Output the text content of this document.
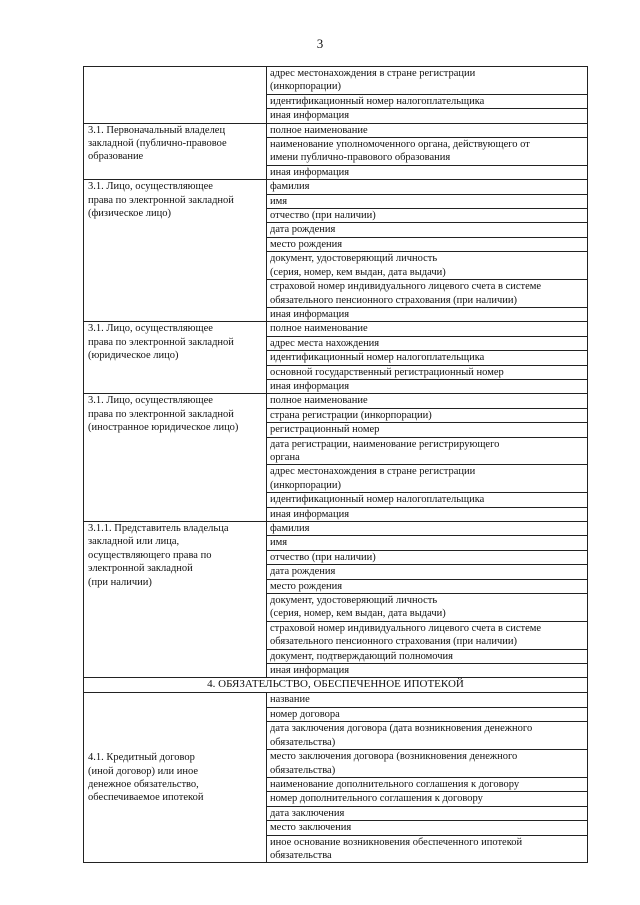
3
	адрес местонахождения в стране регистрации
(инкорпорации)
	идентификационный номер налогоплательщика
	иная информация
3.1. Первоначальный владелец
закладной (публично-правовое
образование	полное наименование
	наименование уполномоченного органа, действующего от
имени публично-правового образования
	иная информация
3.1. Лицо, осуществляющее
права по электронной закладной
(физическое лицо)	фамилия
	имя
	отчество (при наличии)
	дата рождения
	место рождения
	документ, удостоверяющий личность
(серия, номер, кем выдан, дата выдачи)
	страховой номер индивидуального лицевого счета в системе
обязательного пенсионного страхования (при наличии)
	иная информация
3.1. Лицо, осуществляющее
права по электронной закладной
(юридическое лицо)	полное наименование
	адрес места нахождения
	идентификационный номер налогоплательщика
	основной государственный регистрационный номер
	иная информация
3.1. Лицо, осуществляющее
права по электронной закладной
(иностранное юридическое лицо)	полное наименование
	страна регистрации (инкорпорации)
	регистрационный номер
	дата регистрации, наименование регистрирующего
органа
	адрес местонахождения в стране регистрации
(инкорпорации)
	идентификационный номер налогоплательщика
	иная информация
3.1.1. Представитель владельца
закладной или лица,
осуществляющего права по
электронной закладной
(при наличии)	фамилия
	имя
	отчество (при наличии)
	дата рождения
	место рождения
	документ, удостоверяющий личность
(серия, номер, кем выдан, дата выдачи)
	страховой номер индивидуального лицевого счета в системе
обязательного пенсионного страхования (при наличии)
	документ, подтверждающий полномочия
	иная информация
4. ОБЯЗАТЕЛЬСТВО, ОБЕСПЕЧЕННОЕ ИПОТЕКОЙ	
4.1. Кредитный договор
(иной договор) или иное
денежное обязательство,
обеспечиваемое ипотекой	название
	номер договора
	дата заключения договора (дата возникновения денежного
обязательства)
	место заключения договора (возникновения денежного
обязательства)
	наименование дополнительного соглашения к договору
	номер дополнительного соглашения к договору
	дата заключения
	место заключения
	иное основание возникновения обеспеченного ипотекой
обязательства
